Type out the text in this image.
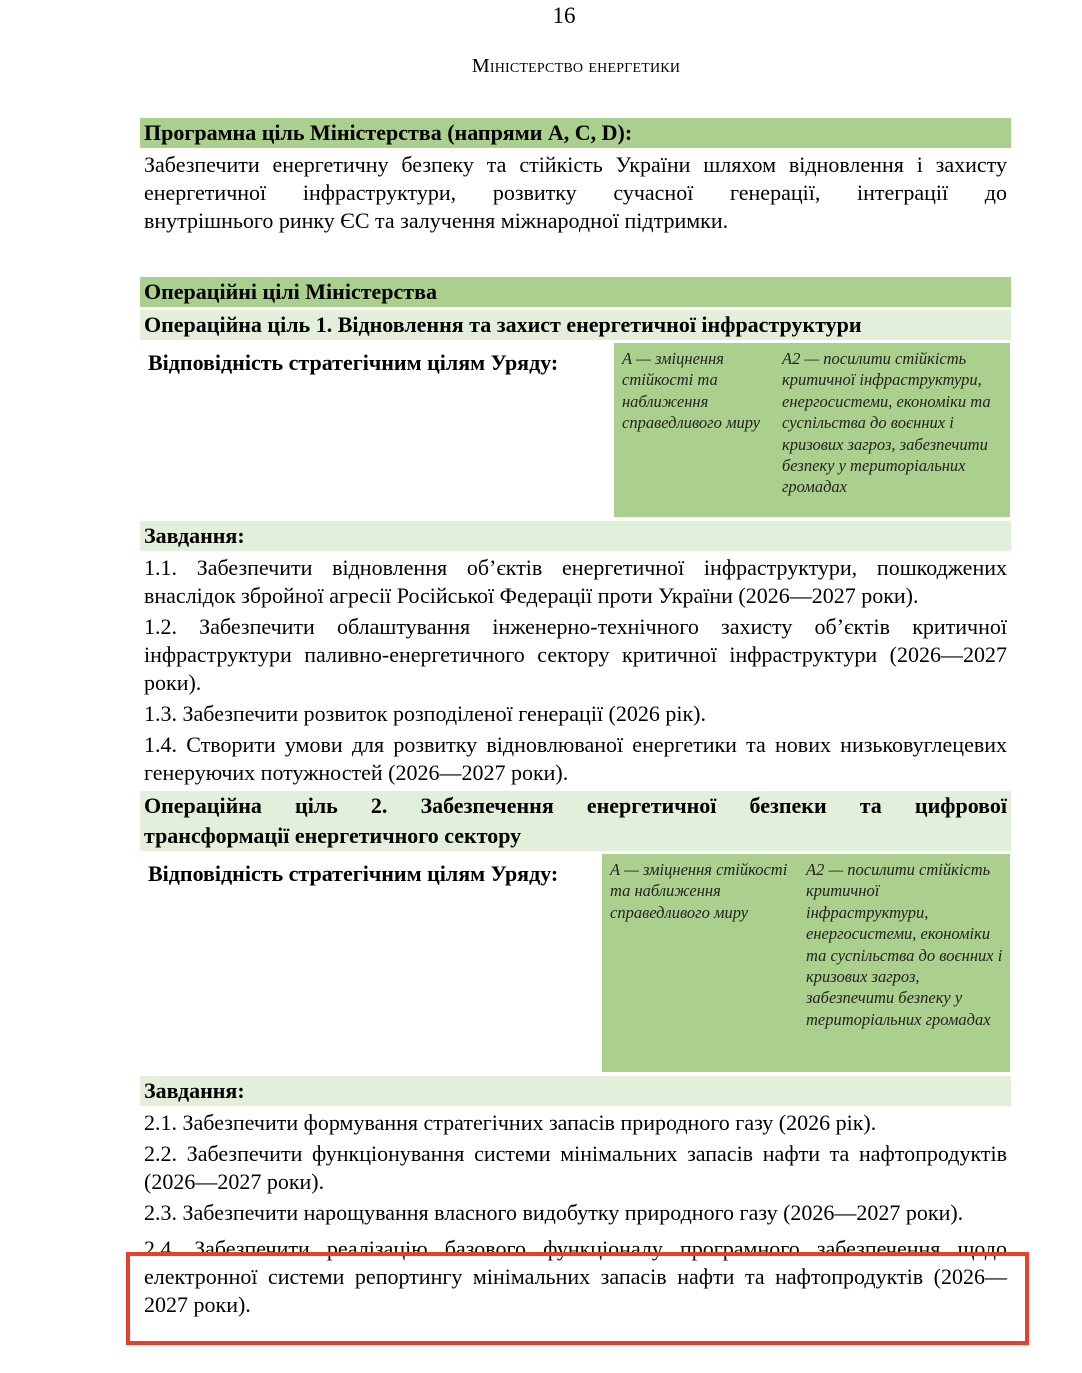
16
Міністерство енергетики
Програмна ціль Міністерства (напрями А, C, D):
Забезпечити енергетичну безпеку та стійкість України шляхом відновлення і захисту
енергетичної інфраструктури, розвитку сучасної генерації, інтеграції до
внутрішнього ринку ЄС та залучення міжнародної підтримки.
Операційні цілі Міністерства
Операційна ціль 1. Відновлення та захист енергетичної інфраструктури
Відповідність стратегічним цілям Уряду:	А — зміцнення стійкості та наближення справедливого миру
А2 — посилити стійкість критичної інфраструктури, енергосистеми, економіки та суспільства до воєнних і кризових загроз, забезпечити безпеку у територіальних громадах
Завдання:
1.1. Забезпечити відновлення об’єктів енергетичної інфраструктури, пошкоджених внаслідок збройної агресії Російської Федерації проти України (2026—2027 роки).
1.2. Забезпечити облаштування інженерно-технічного захисту об’єктів критичної інфраструктури паливно-енергетичного сектору критичної інфраструктури (2026—2027 роки).
1.3. Забезпечити розвиток розподіленої генерації (2026 рік).
1.4. Створити умови для розвитку відновлюваної енергетики та нових низьковуглецевих генеруючих потужностей (2026—2027 роки).
Операційна ціль 2. Забезпечення енергетичної безпеки та цифрової
трансформації енергетичного сектору
Відповідність стратегічним цілям Уряду:	А — зміцнення стійкості та наближення справедливого миру
А2 — посилити стійкість критичної інфраструктури, енергосистеми, економіки та суспільства до воєнних і кризових загроз, забезпечити безпеку у територіальних громадах
Завдання:
2.1. Забезпечити формування стратегічних запасів природного газу (2026 рік).
2.2. Забезпечити функціонування системи мінімальних запасів нафти та нафтопродуктів (2026—2027 роки).
2.3. Забезпечити нарощування власного видобутку природного газу (2026—2027 роки).
2.4. Забезпечити реалізацію базового функціоналу програмного забезпечення щодо електронної системи репортингу мінімальних запасів нафти та нафтопродуктів (2026—2027 роки).
